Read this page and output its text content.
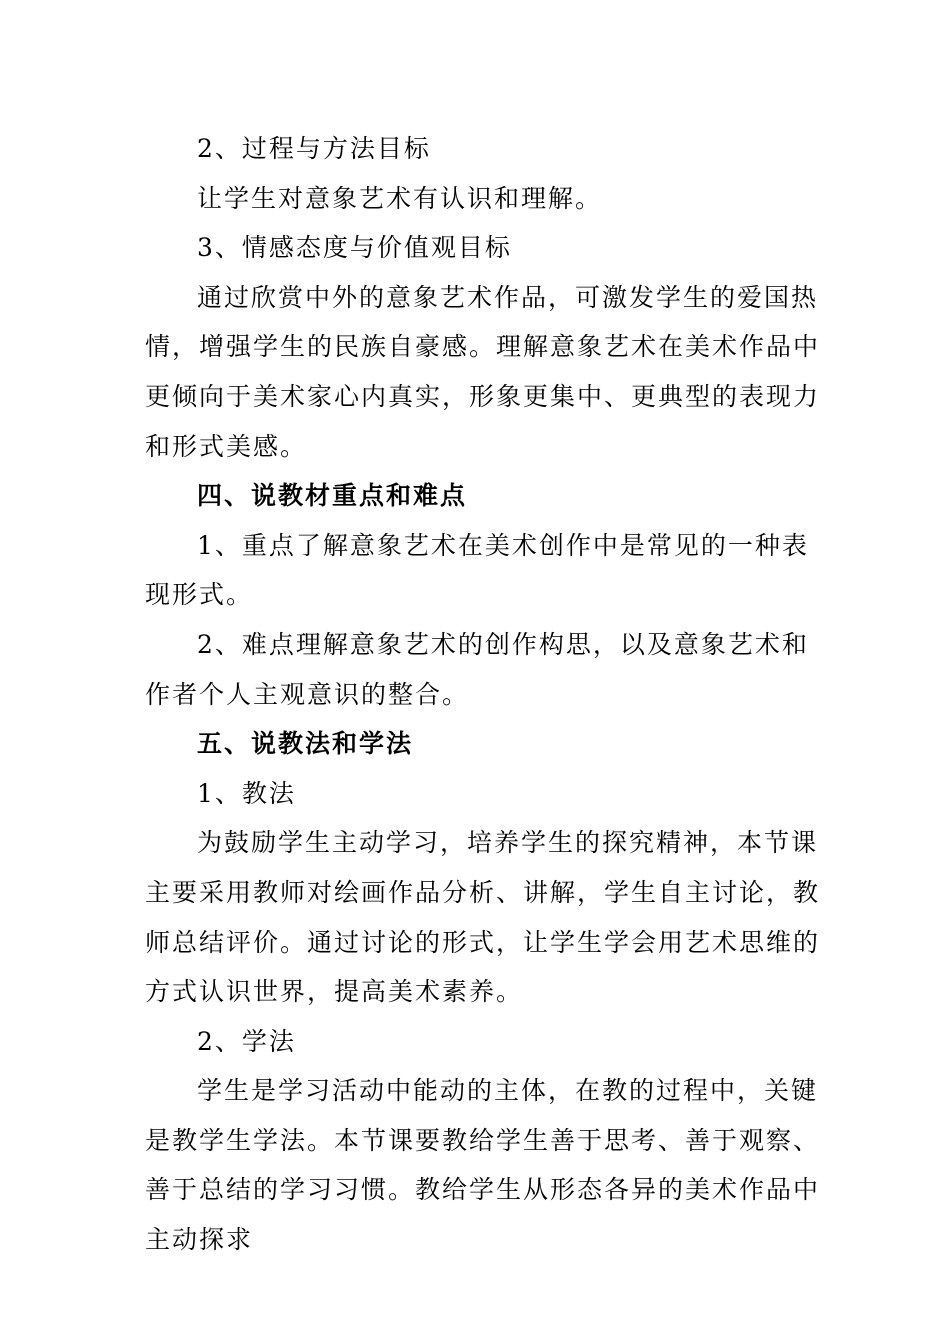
2、过程与方法目标

让学生对意象艺术有认识和理解。

3、情感态度与价值观目标

通过欣赏中外的意象艺术作品，可激发学生的爱国热情，增强学生的民族自豪感。理解意象艺术在美术作品中更倾向于美术家心内真实，形象更集中、更典型的表现力和形式美感。

四、说教材重点和难点

1、重点了解意象艺术在美术创作中是常见的一种表现形式。

2、难点理解意象艺术的创作构思，以及意象艺术和作者个人主观意识的整合。

五、说教法和学法

1、教法

为鼓励学生主动学习，培养学生的探究精神，本节课主要采用教师对绘画作品分析、讲解，学生自主讨论，教师总结评价。通过讨论的形式，让学生学会用艺术思维的方式认识世界，提高美术素养。

2、学法

学生是学习活动中能动的主体，在教的过程中，关键是教学生学法。本节课要教给学生善于思考、善于观察、善于总结的学习习惯。教给学生从形态各异的美术作品中主动探求
